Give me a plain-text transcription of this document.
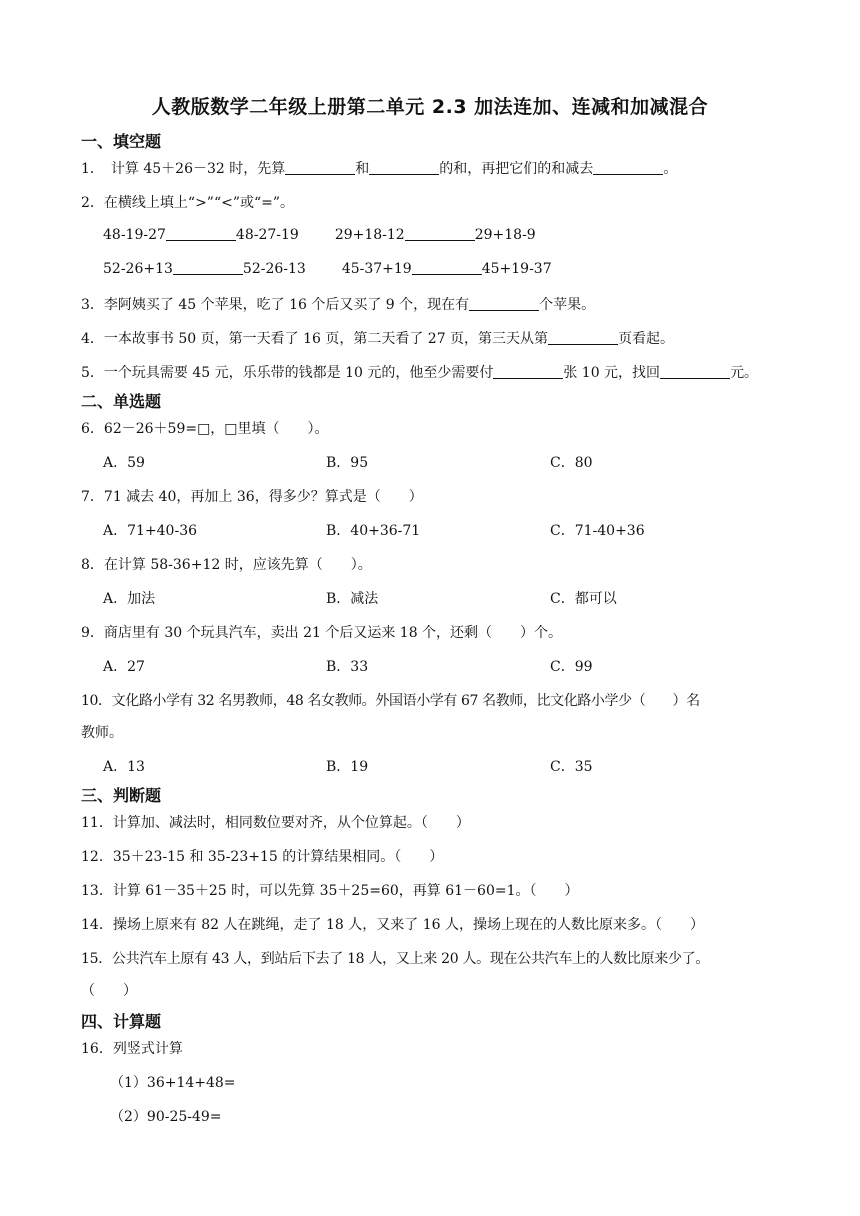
人教版数学二年级上册第二单元 2.3 加法连加、连减和加减混合
一、填空题
1．　计算 45＋26－32 时，先算	和	的和，再把它们的和减去	。
2．在横线上填上“>”“<”或“=”。
48-19-27	48-27-19	29+18-12	29+18-9
52-26+13	52-26-13	45-37+19	45+19-37
3．李阿姨买了 45 个苹果，吃了 16 个后又买了 9 个，现在有	个苹果。
4．一本故事书 50 页，第一天看了 16 页，第二天看了 27 页，第三天从第	页看起。
5．一个玩具需要 45 元，乐乐带的钱都是 10 元的，他至少需要付	张 10 元，找回	元。
二、单选题
6．62－26＋59=□，□里填（　　）。
A．59	B．95	C．80
7．71 减去 40，再加上 36，得多少？算式是（　　）
A．71+40-36	B．40+36-71	C．71-40+36
8．在计算 58-36+12 时，应该先算（　　）。
A．加法	B．减法	C．都可以
9．商店里有 30 个玩具汽车，卖出 21 个后又运来 18 个，还剩（　　）个。
A．27	B．33	C．99
10．文化路小学有 32 名男教师，48 名女教师。外国语小学有 67 名教师，比文化路小学少（　　）名
教师。
A．13	B．19	C．35
三、判断题
11．计算加、减法时，相同数位要对齐，从个位算起。（　　）
12．35＋23-15 和 35-23+15 的计算结果相同。（　　）
13．计算 61－35＋25 时，可以先算 35＋25=60，再算 61－60=1。（　　）
14．操场上原来有 82 人在跳绳，走了 18 人，又来了 16 人，操场上现在的人数比原来多。（　　）
15．公共汽车上原有 43 人，到站后下去了 18 人，又上来 20 人。现在公共汽车上的人数比原来少了。
（　　）
四、计算题
16．列竖式计算
（1）36+14+48=
（2）90-25-49=
